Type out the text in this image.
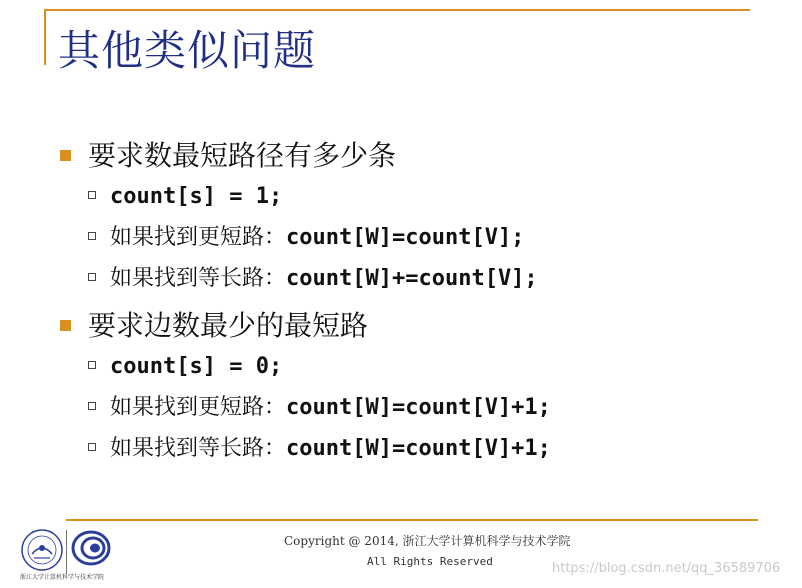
其他类似问题
要求数最短路径有多少条
count[s] = 1;
如果找到更短路：count[W]=count[V];
如果找到等长路：count[W]+=count[V];
要求边数最少的最短路
count[s] = 0;
如果找到更短路：count[W]=count[V]+1;
如果找到等长路：count[W]=count[V]+1;
浙江大学计算机科学与技术学院
Copyright @ 2014, 浙江大学计算机科学与技术学院
All Rights Reserved	https://blog.csdn.net/qq_36589706
